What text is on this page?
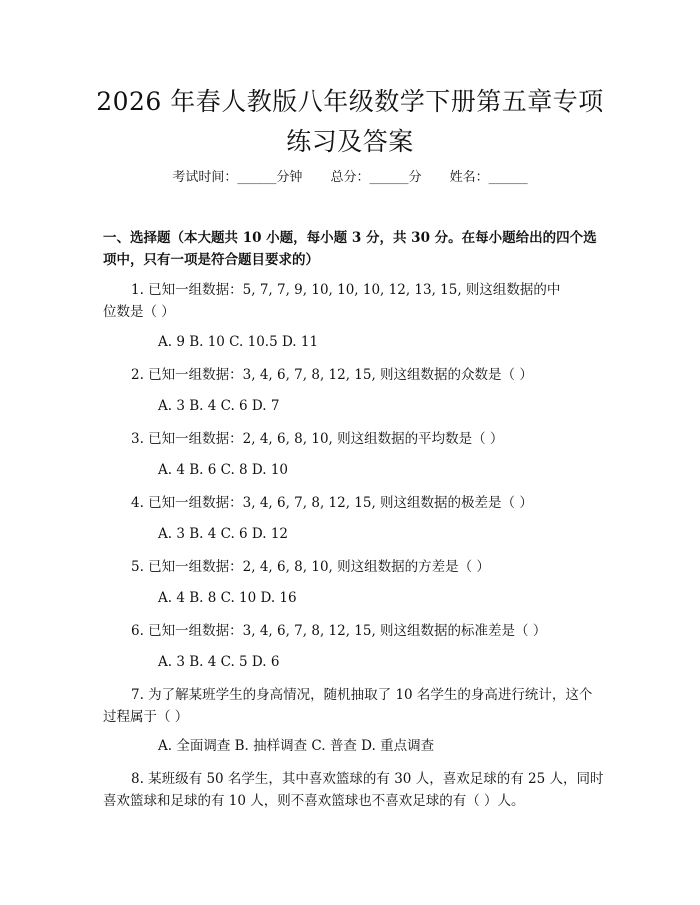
2026 年春人教版八年级数学下册第五章专项
练习及答案
考试时间：______分钟 总分：______分 姓名：______
一、选择题（本大题共 10 小题，每小题 3 分，共 30 分。在每小题给出的四个选
项中，只有一项是符合题目要求的）
1. 已知一组数据：5, 7, 7, 9, 10, 10, 10, 12, 13, 15, 则这组数据的中
位数是（ ）
A. 9 B. 10 C. 10.5 D. 11
2. 已知一组数据：3, 4, 6, 7, 8, 12, 15, 则这组数据的众数是（ ）
A. 3 B. 4 C. 6 D. 7
3. 已知一组数据：2, 4, 6, 8, 10, 则这组数据的平均数是（ ）
A. 4 B. 6 C. 8 D. 10
4. 已知一组数据：3, 4, 6, 7, 8, 12, 15, 则这组数据的极差是（ ）
A. 3 B. 4 C. 6 D. 12
5. 已知一组数据：2, 4, 6, 8, 10, 则这组数据的方差是（ ）
A. 4 B. 8 C. 10 D. 16
6. 已知一组数据：3, 4, 6, 7, 8, 12, 15, 则这组数据的标准差是（ ）
A. 3 B. 4 C. 5 D. 6
7. 为了解某班学生的身高情况，随机抽取了 10 名学生的身高进行统计，这个
过程属于（ ）
A. 全面调查 B. 抽样调查 C. 普查 D. 重点调查
8. 某班级有 50 名学生，其中喜欢篮球的有 30 人，喜欢足球的有 25 人，同时
喜欢篮球和足球的有 10 人，则不喜欢篮球也不喜欢足球的有（ ）人。
